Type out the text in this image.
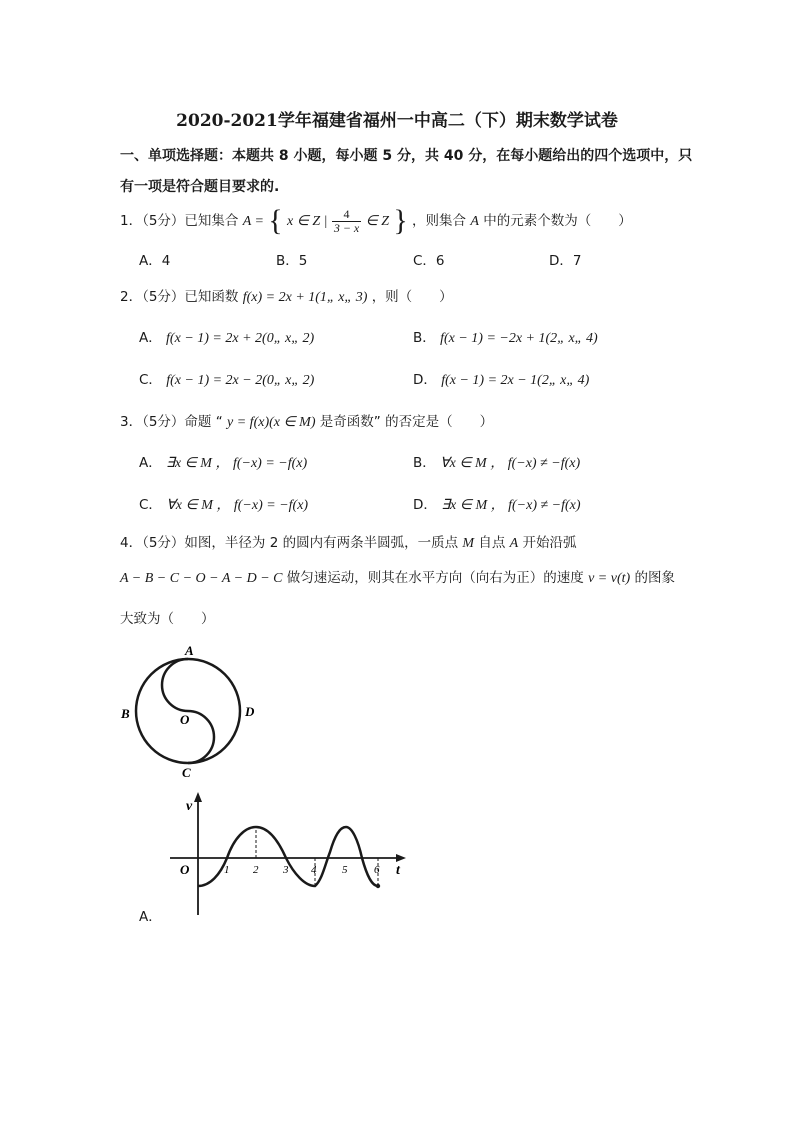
2020-2021学年福建省福州一中高二（下）期末数学试卷
一、单项选择题：本题共 8 小题，每小题 5 分，共 40 分，在每小题给出的四个选项中，只
有一项是符合题目要求的.
1．（5分）已知集合 A = { x ∈ Z | $\frac{4}{3 - x}$ ∈ Z } ，则集合 A 中的元素个数为（　　）
A．4	B．5	C．6	D．7
2．（5分）已知函数 f(x) = 2x + 1(1„ x„ 3) ，则（　　）
A． f(x − 1) = 2x + 2(0„ x„ 2)	B． f(x − 1) = −2x + 1(2„ x„ 4)
C． f(x − 1) = 2x − 2(0„ x„ 2)	D． f(x − 1) = 2x − 1(2„ x„ 4)
3．（5分）命题 “ y = f(x)(x ∈ M) 是奇函数” 的否定是（　　）
A． ∃x ∈ M ， f(−x) = −f(x)	B． ∀x ∈ M ， f(−x) ≠ −f(x)
C． ∀x ∈ M ， f(−x) = −f(x)	D． ∃x ∈ M ， f(−x) ≠ −f(x)
4．（5分）如图，半径为 2 的圆内有两条半圆弧，一质点 M 自点 A 开始沿弧
A − B − C − O − A − D − C 做匀速运动，则其在水平方向（向右为正）的速度 v = v(t) 的图象
大致为（　　）
A
B
C
D
O
v
t
O	1 2 3 4 5 6
A．
